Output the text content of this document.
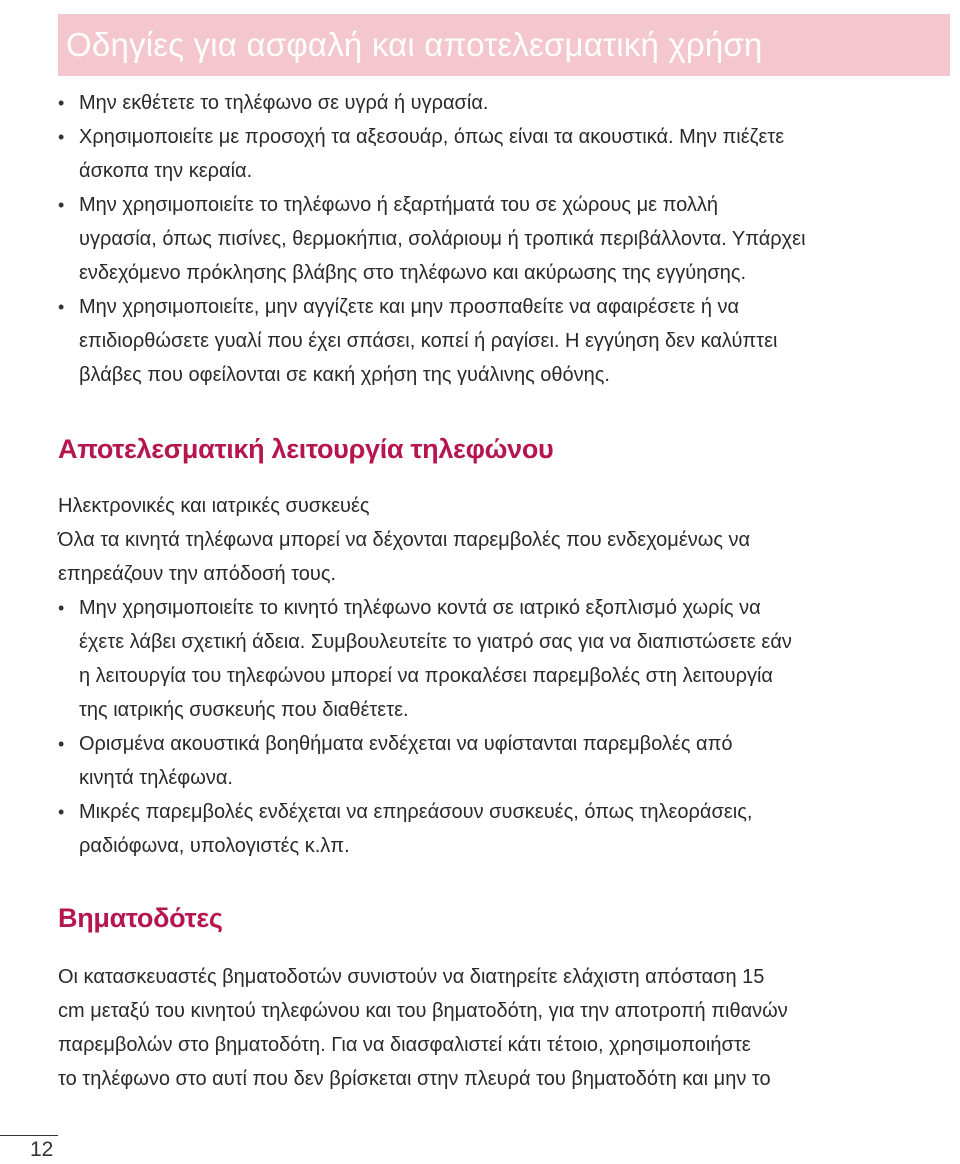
Οδηγίες για ασφαλή και αποτελεσματική χρήση
• Μην εκθέτετε το τηλέφωνο σε υγρά ή υγρασία.
• Χρησιμοποιείτε με προσοχή τα αξεσουάρ, όπως είναι τα ακουστικά. Μην πιέζετε
άσκοπα την κεραία.
• Μην χρησιμοποιείτε το τηλέφωνο ή εξαρτήματά του σε χώρους με πολλή
υγρασία, όπως πισίνες, θερμοκήπια, σολάριουμ ή τροπικά περιβάλλοντα. Υπάρχει
ενδεχόμενο πρόκλησης βλάβης στο τηλέφωνο και ακύρωσης της εγγύησης.
• Μην χρησιμοποιείτε, μην αγγίζετε και μην προσπαθείτε να αφαιρέσετε ή να
επιδιορθώσετε γυαλί που έχει σπάσει, κοπεί ή ραγίσει. Η εγγύηση δεν καλύπτει
βλάβες που οφείλονται σε κακή χρήση της γυάλινης οθόνης.
Αποτελεσματική λειτουργία τηλεφώνου

Ηλεκτρονικές και ιατρικές συσκευές

Όλα τα κινητά τηλέφωνα μπορεί να δέχονται παρεμβολές που ενδεχομένως να
επηρεάζουν την απόδοσή τους.

• Μην χρησιμοποιείτε το κινητό τηλέφωνο κοντά σε ιατρικό εξοπλισμό χωρίς να
έχετε λάβει σχετική άδεια. Συμβουλευτείτε το γιατρό σας για να διαπιστώσετε εάν
η λειτουργία του τηλεφώνου μπορεί να προκαλέσει παρεμβολές στη λειτουργία
της ιατρικής συσκευής που διαθέτετε.
• Ορισμένα ακουστικά βοηθήματα ενδέχεται να υφίστανται παρεμβολές από
κινητά τηλέφωνα.
• Μικρές παρεμβολές ενδέχεται να επηρεάσουν συσκευές, όπως τηλεοράσεις,
ραδιόφωνα, υπολογιστές κ.λπ.
Βηματοδότες

Οι κατασκευαστές βηματοδοτών συνιστούν να διατηρείτε ελάχιστη απόσταση 15
cm μεταξύ του κινητού τηλεφώνου και του βηματοδότη, για την αποτροπή πιθανών
παρεμβολών στο βηματοδότη. Για να διασφαλιστεί κάτι τέτοιο, χρησιμοποιήστε
το τηλέφωνο στο αυτί που δεν βρίσκεται στην πλευρά του βηματοδότη και μην το

12
